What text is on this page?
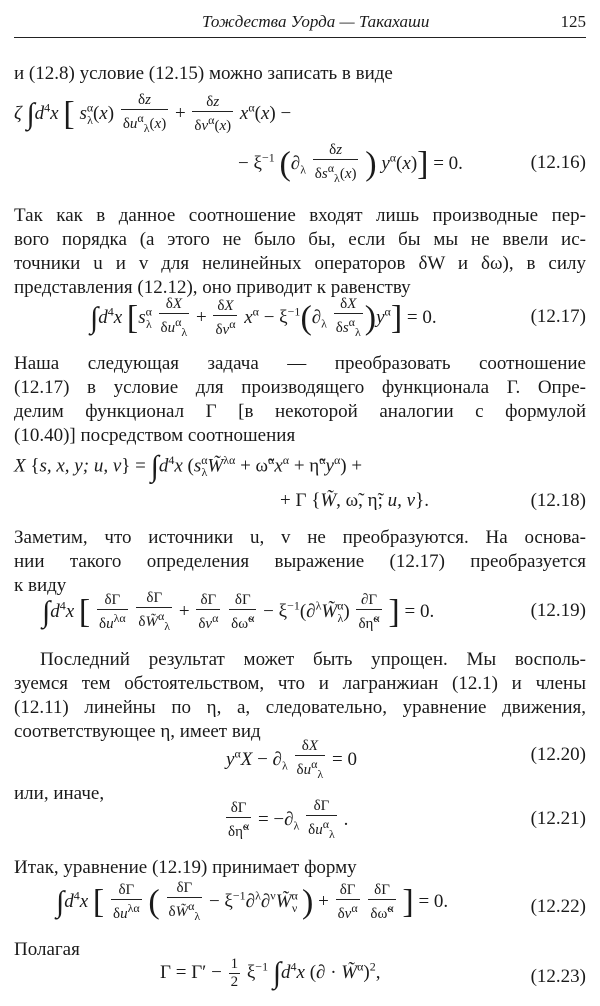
Тождества Уорда — Такахаши	125
и (12.8) условие (12.15) можно записать в виде
ζ $\int d^4x$ [ $s^\alpha_\lambda(x) \frac{\delta z}{\delta u^\alpha_\lambda(x)} + \frac{\delta z}{\delta v^\alpha(x)} x^\alpha(x)$ −
− $\xi^{-1}$ ($\partial_\lambda \frac{\delta z}{\delta s^\alpha_\lambda(x)}$ ) $y^\alpha(x)] = 0$.	(12.16)
Так как в данное соотношение входят лишь производные пер-
вого порядка (а этого не было бы, если бы мы не ввели ис-
точники u и v для нелинейных операторов δW и δω), в силу
представления (12.12), оно приводит к равенству
$\int d^4x$ $[s^\alpha_\lambda \frac{\delta X}{\delta u^\alpha_\lambda} + \frac{\delta X}{\delta v^\alpha} x^\alpha - \xi^{-1}(\partial_\lambda \frac{\delta X}{\delta s^\alpha_\lambda} )y^\alpha] = 0$.	(12.17)
Наша следующая задача — преобразовать соотношение
(12.17) в условие для производящего функционала Γ. Опре-
делим функционал Γ [в некоторой аналогии с формулой
(10.40)] посредством соотношения
X {s, x, y; u, $v\} = \int d^4x$ ($s^\alpha_\lambda W̃^{\lambda\alpha}$ + $\omegã^\alpha x^\alpha$ + $\etã^\alpha y^\alpha$) +
+ Γ {W̃, ω̃, η̃; u, v}.	(12.18)
Заметим, что источники u, v не преобразуются. На основа-
нии такого определения выражение (12.17) преобразуется
к виду
$\int d^4x$ [ $\frac{\delta\Gamma}{\delta u^{\lambda\alpha}}$
$\frac{\delta\Gamma}{\delta W̃^\alpha_\lambda} + \frac{\delta\Gamma}{\delta v^\alpha}$
$\frac{\delta\Gamma}{\delta\omegã^\alpha}$ − $\xi^{-1}(\partial^\lambda W̃^\alpha_\lambda) \frac{\partial\Gamma}{\delta\etã^\alpha}$ ] = 0.	(12.19)
Последний результат может быть упрощен. Мы восполь-
зуемся тем обстоятельством, что и лагранжиан (12.1) и члены
(12.11) линейны по η, а, следовательно, уравнение движения,
соответствующее η, имеет вид
$y^\alpha X - \partial_\lambda \frac{\delta X}{\delta u^\alpha_\lambda} = 0$	(12.20)
или, иначе,
$\frac{\delta\Gamma}{\delta\etã^\alpha} = -\partial_\lambda \frac{\delta\Gamma}{\delta u^\alpha_\lambda}$ .	(12.21)
Итак, уравнение (12.19) принимает форму
$\int d^4x$ [ $\frac{\delta\Gamma}{\delta u^{\lambda\alpha}}$ ( $\frac{\delta\Gamma}{\delta W̃^\alpha_\lambda}$ − $\xi^{-1}\partial^\lambda\partial^\nu W̃^\alpha_\nu$ ) + $\frac{\delta\Gamma}{\delta v^\alpha}$
$\frac{\delta\Gamma}{\delta\omegã^\alpha}$ ] = 0.	(12.22)
Полагая
$\Gamma = \Gamma' - \frac{1}{2} \xi^{-1}$ $\int d^4x$ (∂ · W̃$^\alpha$)$^2$,	(12.23)
